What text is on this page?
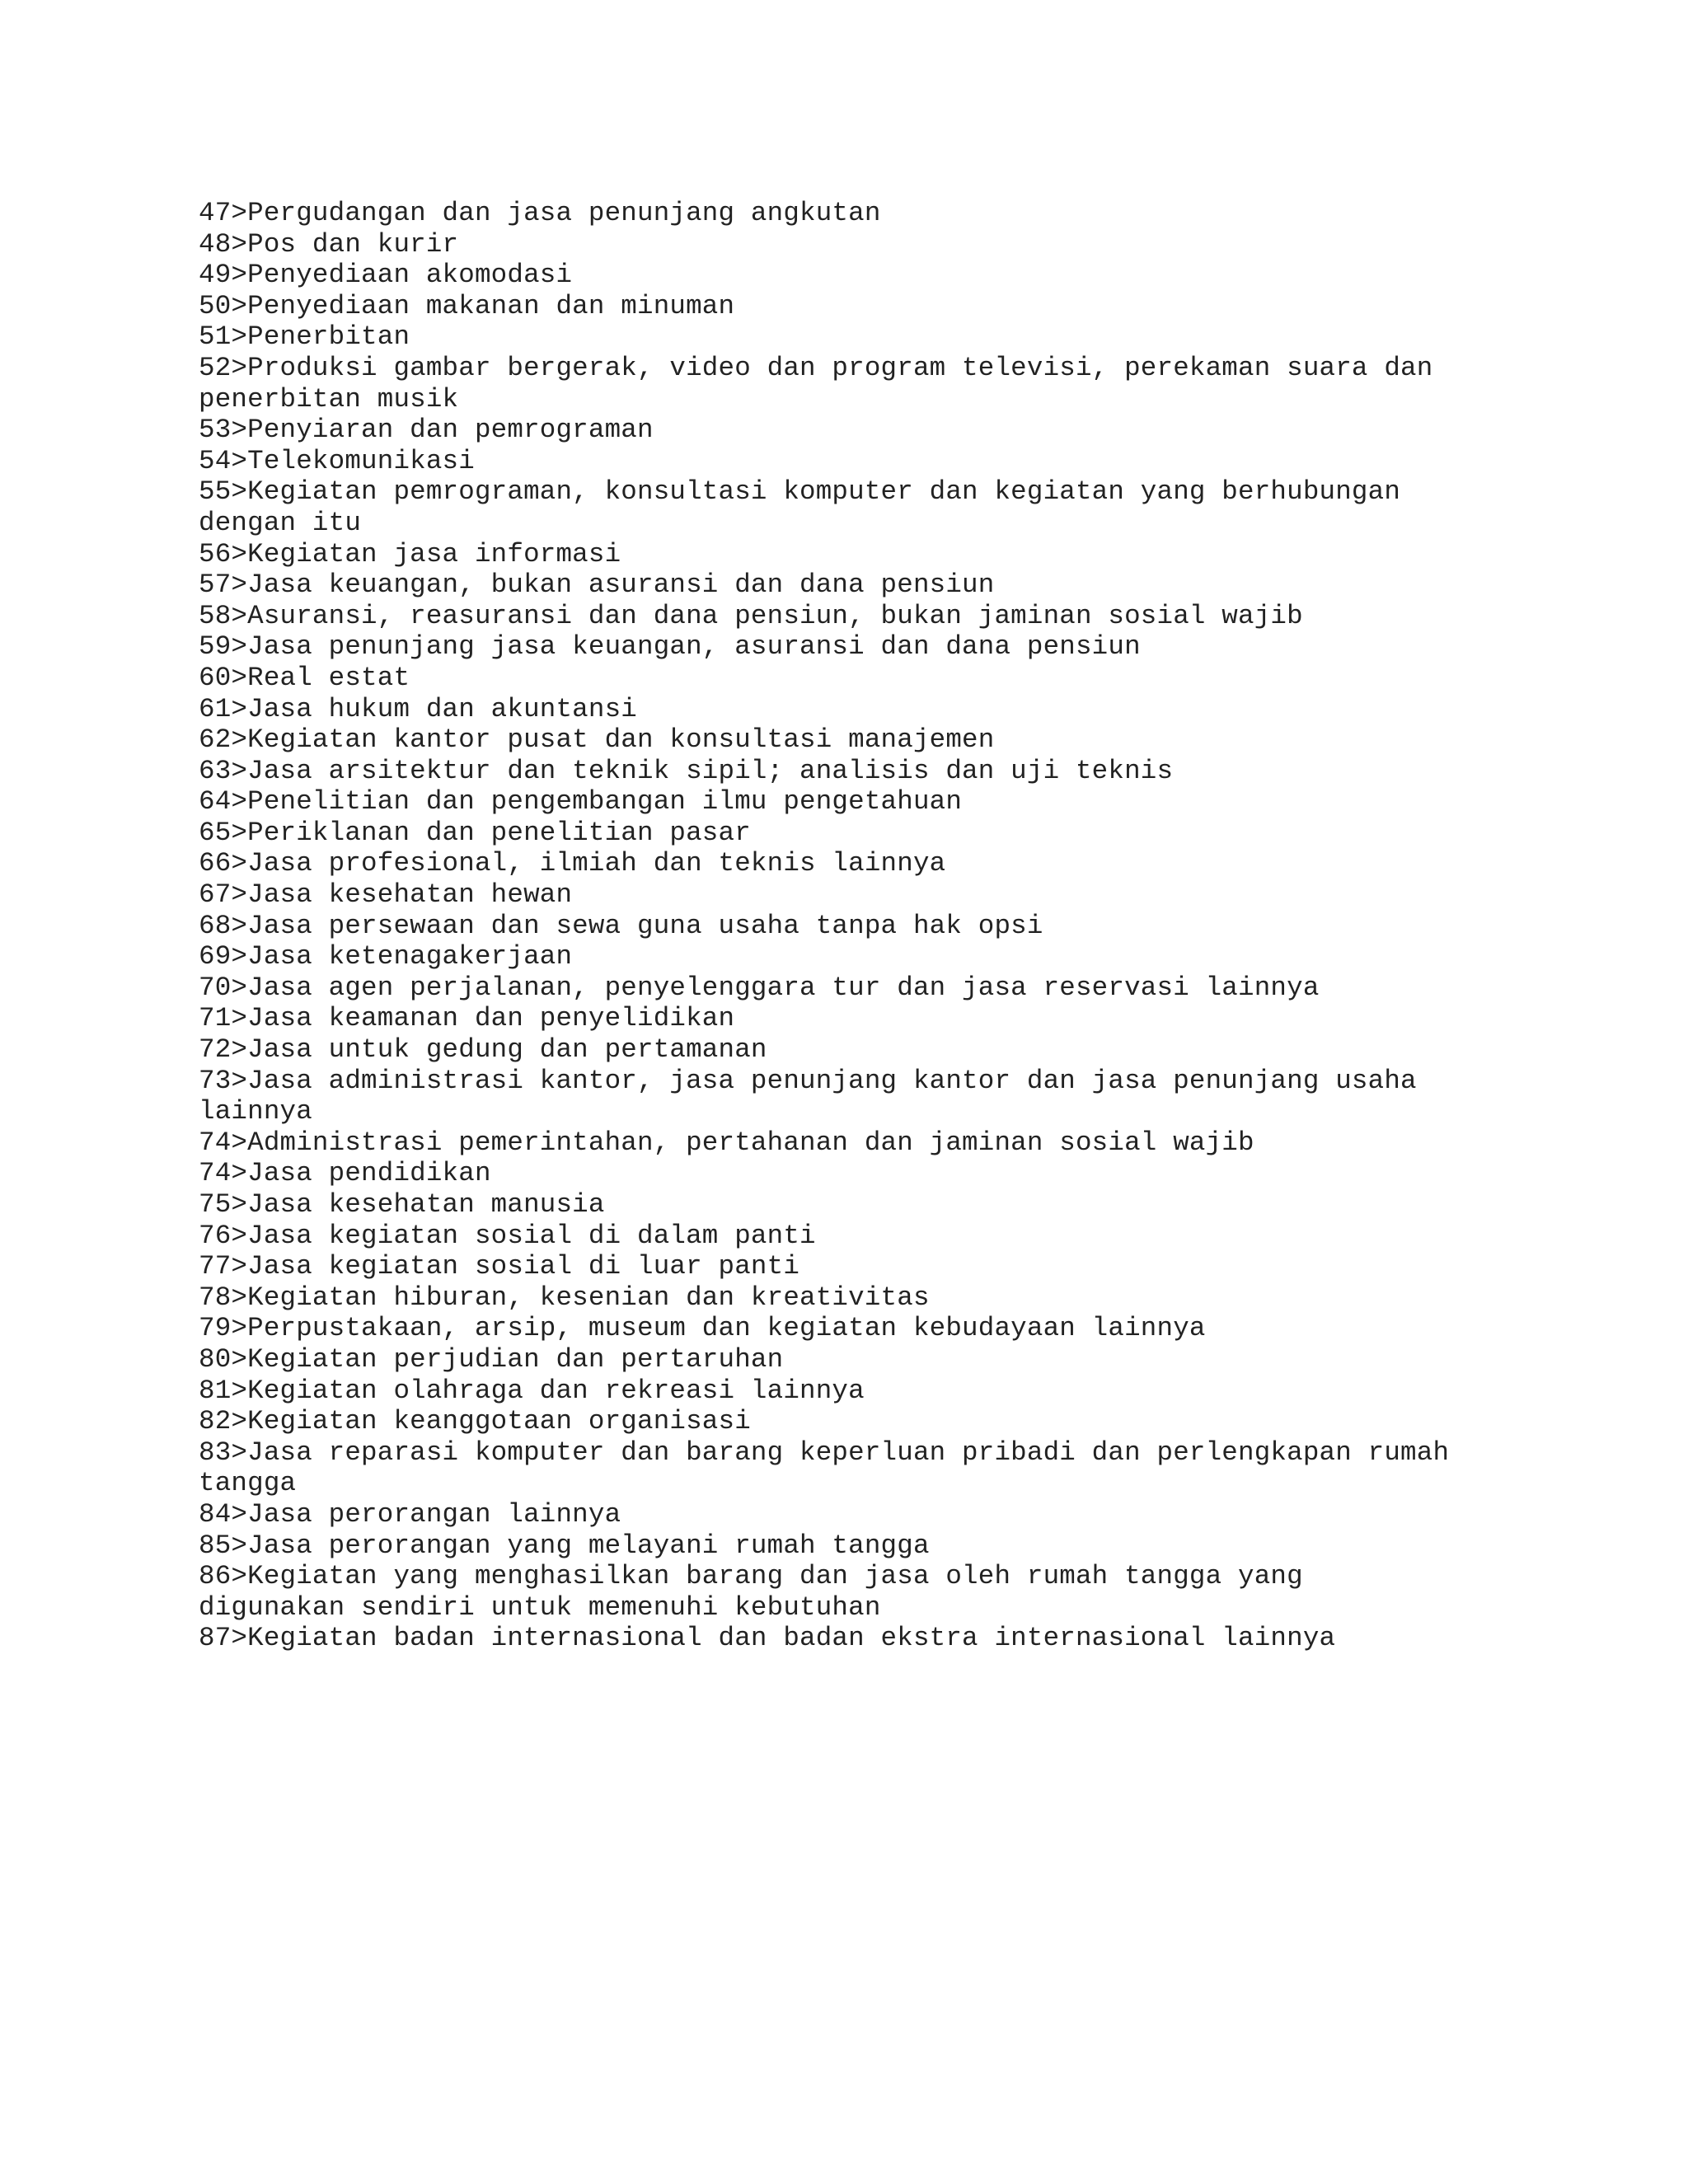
47>Pergudangan dan jasa penunjang angkutan
48>Pos dan kurir
49>Penyediaan akomodasi
50>Penyediaan makanan dan minuman
51>Penerbitan
52>Produksi gambar bergerak, video dan program televisi, perekaman suara dan
penerbitan musik
53>Penyiaran dan pemrograman
54>Telekomunikasi
55>Kegiatan pemrograman, konsultasi komputer dan kegiatan yang berhubungan
dengan itu
56>Kegiatan jasa informasi
57>Jasa keuangan, bukan asuransi dan dana pensiun
58>Asuransi, reasuransi dan dana pensiun, bukan jaminan sosial wajib
59>Jasa penunjang jasa keuangan, asuransi dan dana pensiun
60>Real estat
61>Jasa hukum dan akuntansi
62>Kegiatan kantor pusat dan konsultasi manajemen
63>Jasa arsitektur dan teknik sipil; analisis dan uji teknis
64>Penelitian dan pengembangan ilmu pengetahuan
65>Periklanan dan penelitian pasar
66>Jasa profesional, ilmiah dan teknis lainnya
67>Jasa kesehatan hewan
68>Jasa persewaan dan sewa guna usaha tanpa hak opsi
69>Jasa ketenagakerjaan
70>Jasa agen perjalanan, penyelenggara tur dan jasa reservasi lainnya
71>Jasa keamanan dan penyelidikan
72>Jasa untuk gedung dan pertamanan
73>Jasa administrasi kantor, jasa penunjang kantor dan jasa penunjang usaha
lainnya
74>Administrasi pemerintahan, pertahanan dan jaminan sosial wajib
74>Jasa pendidikan
75>Jasa kesehatan manusia
76>Jasa kegiatan sosial di dalam panti
77>Jasa kegiatan sosial di luar panti
78>Kegiatan hiburan, kesenian dan kreativitas
79>Perpustakaan, arsip, museum dan kegiatan kebudayaan lainnya
80>Kegiatan perjudian dan pertaruhan
81>Kegiatan olahraga dan rekreasi lainnya
82>Kegiatan keanggotaan organisasi
83>Jasa reparasi komputer dan barang keperluan pribadi dan perlengkapan rumah
tangga
84>Jasa perorangan lainnya
85>Jasa perorangan yang melayani rumah tangga
86>Kegiatan yang menghasilkan barang dan jasa oleh rumah tangga yang
digunakan sendiri untuk memenuhi kebutuhan
87>Kegiatan badan internasional dan badan ekstra internasional lainnya
